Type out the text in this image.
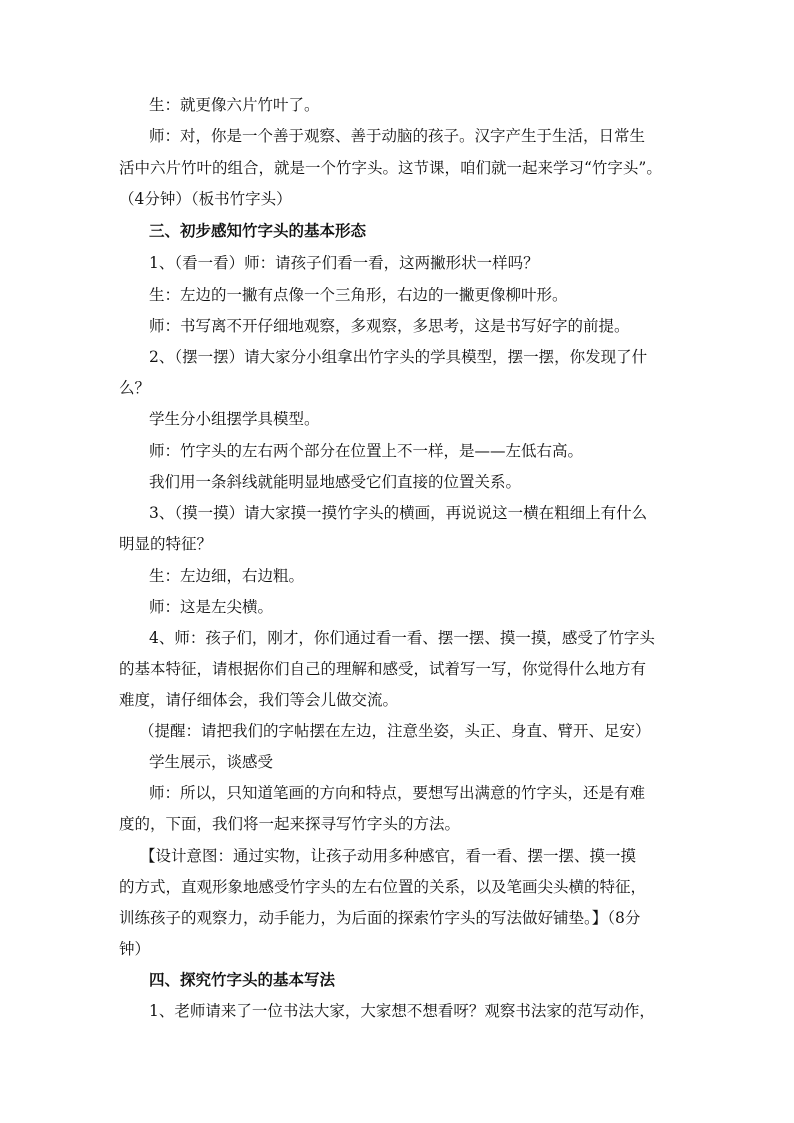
生：就更像六片竹叶了。
师：对，你是一个善于观察、善于动脑的孩子。汉字产生于生活，日常生
活中六片竹叶的组合，就是一个竹字头。这节课，咱们就一起来学习“竹字头”。
（4分钟）（板书竹字头）
三、初步感知竹字头的基本形态
1、（看一看）师：请孩子们看一看，这两撇形状一样吗？
生：左边的一撇有点像一个三角形，右边的一撇更像柳叶形。
师：书写离不开仔细地观察，多观察，多思考，这是书写好字的前提。
2、（摆一摆）请大家分小组拿出竹字头的学具模型，摆一摆，你发现了什
么？
学生分小组摆学具模型。
师：竹字头的左右两个部分在位置上不一样，是——左低右高。
我们用一条斜线就能明显地感受它们直接的位置关系。
3、（摸一摸）请大家摸一摸竹字头的横画，再说说这一横在粗细上有什么
明显的特征？
生：左边细，右边粗。
师：这是左尖横。
4、师：孩子们，刚才，你们通过看一看、摆一摆、摸一摸，感受了竹字头
的基本特征，请根据你们自己的理解和感受，试着写一写，你觉得什么地方有
难度，请仔细体会，我们等会儿做交流。
（提醒：请把我们的字帖摆在左边，注意坐姿，头正、身直、臂开、足安）
学生展示，谈感受
师：所以，只知道笔画的方向和特点，要想写出满意的竹字头，还是有难
度的，下面，我们将一起来探寻写竹字头的方法。
【设计意图：通过实物，让孩子动用多种感官，看一看、摆一摆、摸一摸
的方式，直观形象地感受竹字头的左右位置的关系，以及笔画尖头横的特征，
训练孩子的观察力，动手能力，为后面的探索竹字头的写法做好铺垫。】（8分
钟）
四、探究竹字头的基本写法
1、老师请来了一位书法大家，大家想不想看呀？观察书法家的范写动作，
